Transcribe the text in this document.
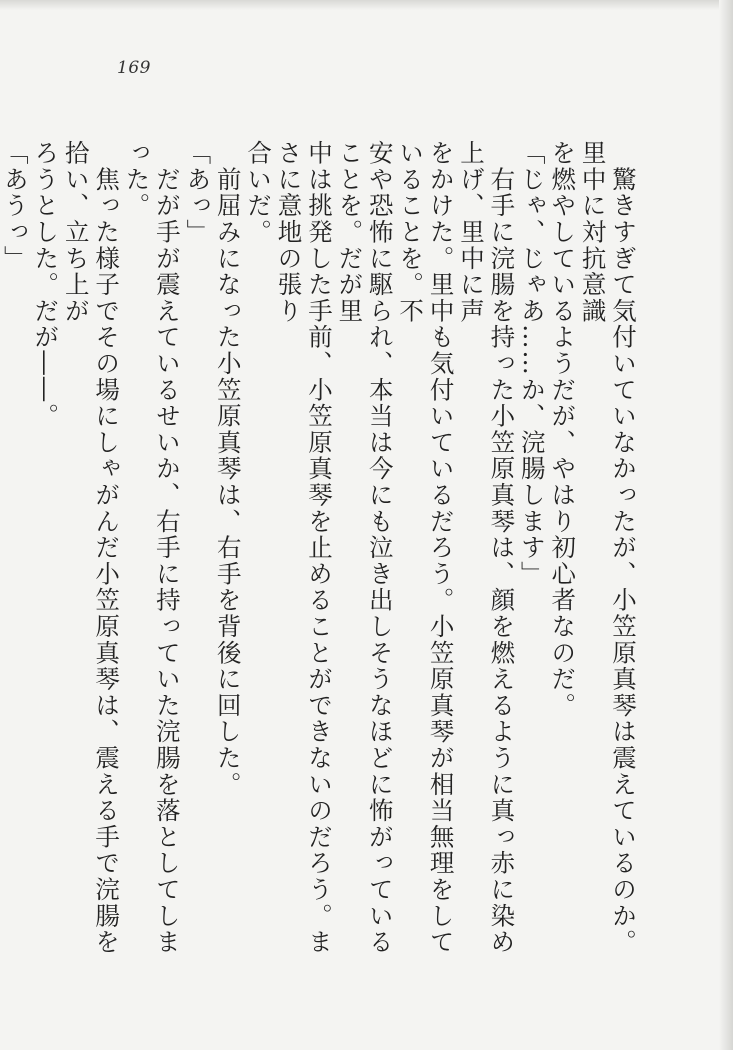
169

　驚きすぎて気付いていなかったが、小笠原真琴は震えているのか。里中に対抗意識

を燃やしているようだが、やはり初心者なのだ。

「じゃ、じゃあ……か、浣腸します」

　右手に浣腸を持った小笠原真琴は、顔を燃えるように真っ赤に染め上げ、里中に声

をかけた。里中も気付いているだろう。小笠原真琴が相当無理をしていることを。不

安や恐怖に駆られ、本当は今にも泣き出しそうなほどに怖がっていることを。だが里

中は挑発した手前、小笠原真琴を止めることができないのだろう。まさに意地の張り

合いだ。

　前屈みになった小笠原真琴は、右手を背後に回した。

「あっ」

　だが手が震えているせいか、右手に持っていた浣腸を落としてしまった。

　焦った様子でその場にしゃがんだ小笠原真琴は、震える手で浣腸を拾い、立ち上が

ろうとした。だが――。

「あうっ」
